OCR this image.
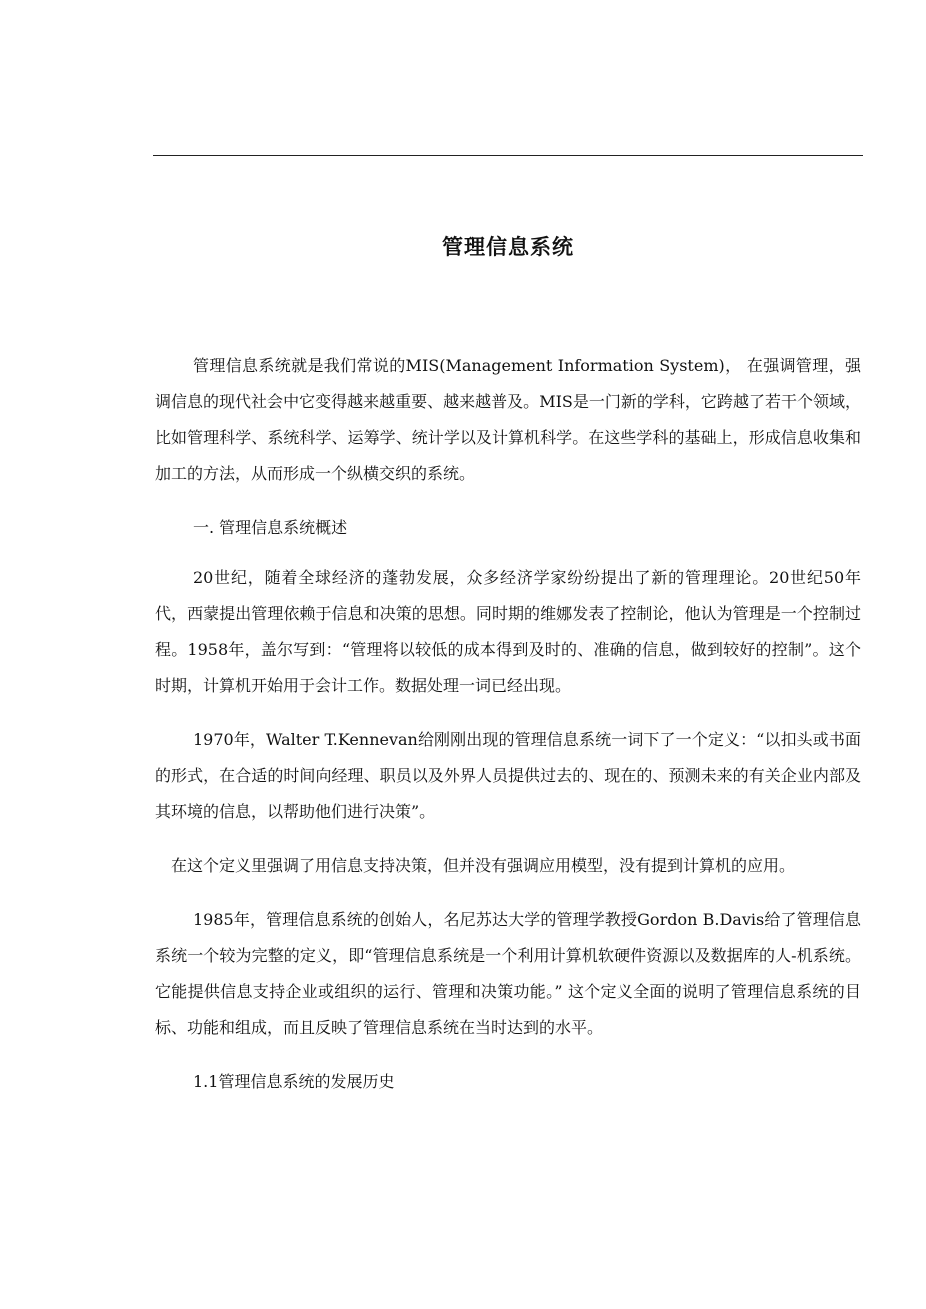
管理信息系统

管理信息系统就是我们常说的MIS(Management Information System)， 在强调管理，强调信息的现代社会中它变得越来越重要、越来越普及。MIS是一门新的学科，它跨越了若干个领域，比如管理科学、系统科学、运筹学、统计学以及计算机科学。在这些学科的基础上，形成信息收集和加工的方法，从而形成一个纵横交织的系统。

一. 管理信息系统概述

20世纪，随着全球经济的蓬勃发展，众多经济学家纷纷提出了新的管理理论。20世纪50年代，西蒙提出管理依赖于信息和决策的思想。同时期的维娜发表了控制论，他认为管理是一个控制过程。1958年，盖尔写到：“管理将以较低的成本得到及时的、准确的信息，做到较好的控制”。这个时期，计算机开始用于会计工作。数据处理一词已经出现。

1970年，Walter T.Kennevan给刚刚出现的管理信息系统一词下了一个定义：“以扣头或书面的形式，在合适的时间向经理、职员以及外界人员提供过去的、现在的、预测未来的有关企业内部及其环境的信息，以帮助他们进行决策”。

在这个定义里强调了用信息支持决策，但并没有强调应用模型，没有提到计算机的应用。

1985年，管理信息系统的创始人，名尼苏达大学的管理学教授Gordon B.Davis给了管理信息系统一个较为完整的定义，即“管理信息系统是一个利用计算机软硬件资源以及数据库的人-机系统。它能提供信息支持企业或组织的运行、管理和决策功能。” 这个定义全面的说明了管理信息系统的目标、功能和组成，而且反映了管理信息系统在当时达到的水平。

1.1管理信息系统的发展历史
